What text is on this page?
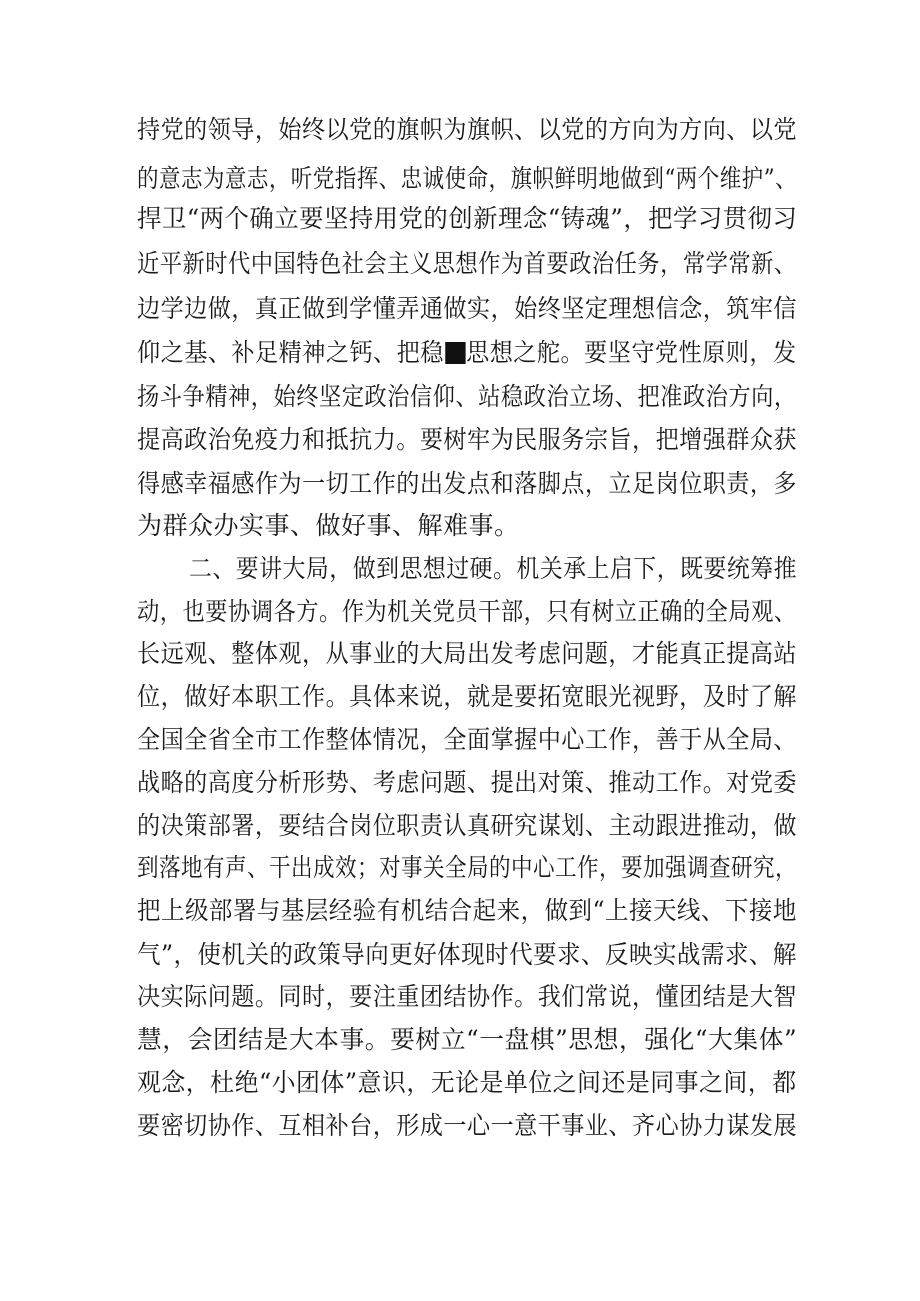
持党的领导，始终以党的旗帜为旗帜、以党的方向为方向、以党
的意志为意志，听党指挥、忠诚使命，旗帜鲜明地做到“两个维护”、
捍卫“两个确立要坚持用党的创新理念“铸魂”，把学习贯彻习
近平新时代中国特色社会主义思想作为首要政治任务，常学常新、
边学边做，真正做到学懂弄通做实，始终坚定理想信念，筑牢信
仰之基、补足精神之钙、把稳 思想之舵。要坚守党性原则，发
扬斗争精神，始终坚定政治信仰、站稳政治立场、把准政治方向，
提高政治免疫力和抵抗力。要树牢为民服务宗旨，把增强群众获
得感幸福感作为一切工作的出发点和落脚点，立足岗位职责，多
为群众办实事、做好事、解难事。
二、要讲大局，做到思想过硬。机关承上启下，既要统筹推
动，也要协调各方。作为机关党员干部，只有树立正确的全局观、
长远观、整体观，从事业的大局出发考虑问题，才能真正提高站
位，做好本职工作。具体来说，就是要拓宽眼光视野，及时了解
全国全省全市工作整体情况，全面掌握中心工作，善于从全局、
战略的高度分析形势、考虑问题、提出对策、推动工作。对党委
的决策部署，要结合岗位职责认真研究谋划、主动跟进推动，做
到落地有声、干出成效；对事关全局的中心工作，要加强调查研究，
把上级部署与基层经验有机结合起来，做到“上接天线、下接地
气”，使机关的政策导向更好体现时代要求、反映实战需求、解
决实际问题。同时，要注重团结协作。我们常说，懂团结是大智
慧，会团结是大本事。要树立“一盘棋”思想，强化“大集体”
观念，杜绝“小团体”意识，无论是单位之间还是同事之间，都
要密切协作、互相补台，形成一心一意干事业、齐心协力谋发展
